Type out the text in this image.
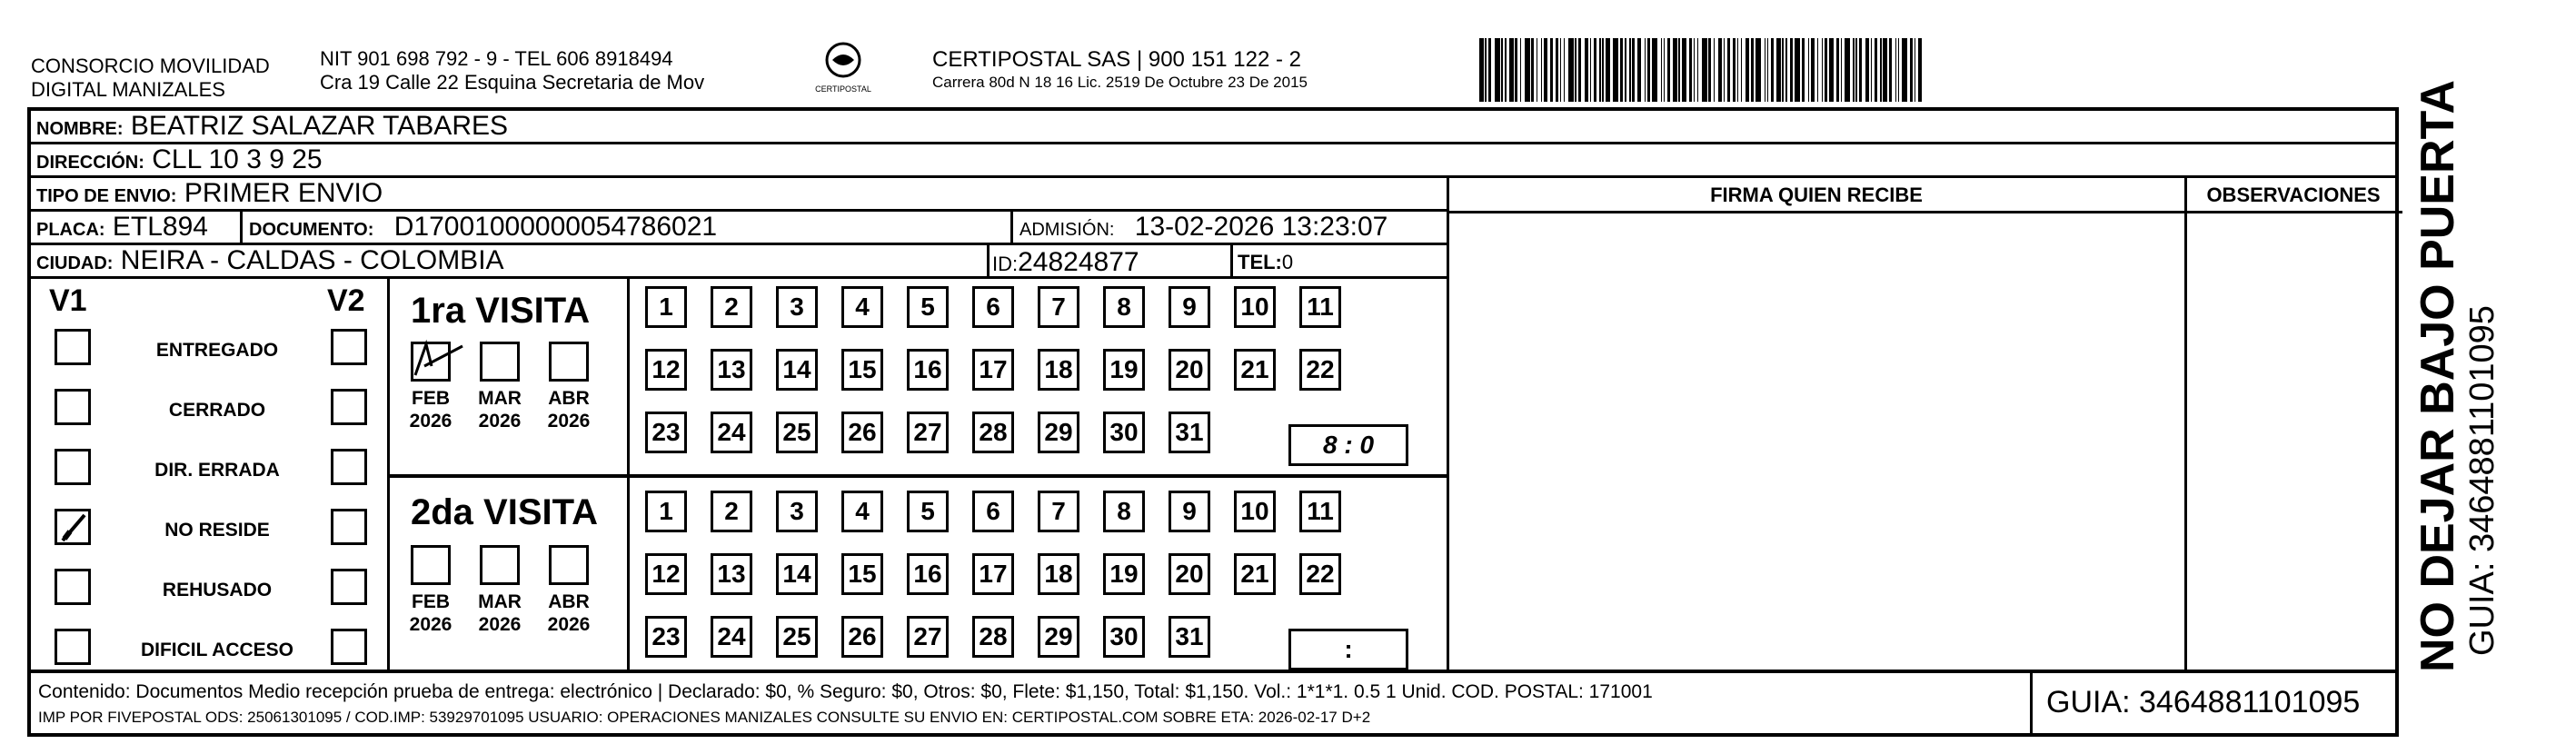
CONSORCIO MOVILIDAD
DIGITAL MANIZALES
NIT 901 698 792 - 9 - TEL 606 8918494
Cra 19 Calle 22 Esquina Secretaria de Mov	CERTIPOSTAL
CERTIPOSTAL SAS | 900 151 122 - 2
Carrera 80d N 18 16 Lic. 2519 De Octubre 23 De 2015
NOMBRE: BEATRIZ SALAZAR TABARES
DIRECCIÓN: CLL 10 3 9 25
TIPO DE ENVIO: PRIMER ENVIO
PLACA: ETL894	DOCUMENTO: D17001000000054786021	ADMISIÓN: 13-02-2026 13:23:07
CIUDAD: NEIRA - CALDAS - COLOMBIA	ID:24824877	TEL:0
FIRMA QUIEN RECIBE	OBSERVACIONES
V1	V2
ENTREGADO
CERRADO
DIR. ERRADA
NO RESIDE
REHUSADO
DIFICIL ACCESO
1ra VISITA
2da VISITA
FEB
2026
MAR
2026
ABR
2026
FEB
2026
MAR
2026
ABR
2026
1	2	3	4	5	6	7	8	9	10 11
12 13 14 15 16 17 18 19 20 21 22
23 24 25 26 27 28 29 30 31
1	2	3	4	5	6	7	8	9	10 11
12 13 14 15 16 17 18 19 20 21 22
23 24 25 26 27 28 29 30 31
8 : 0
:
Contenido: Documentos Medio recepción prueba de entrega: electrónico | Declarado: $0, % Seguro: $0, Otros: $0, Flete: $1,150, Total: $1,150. Vol.: 1*1*1. 0.5 1 Unid. COD. POSTAL: 171001
IMP POR FIVEPOSTAL ODS: 25061301095 / COD.IMP: 53929701095 USUARIO: OPERACIONES MANIZALES CONSULTE SU ENVIO EN: CERTIPOSTAL.COM SOBRE ETA: 2026-02-17 D+2	GUIA: 3464881101095
NO DEJAR BAJO PUERTA GUIA: 3464881101095
